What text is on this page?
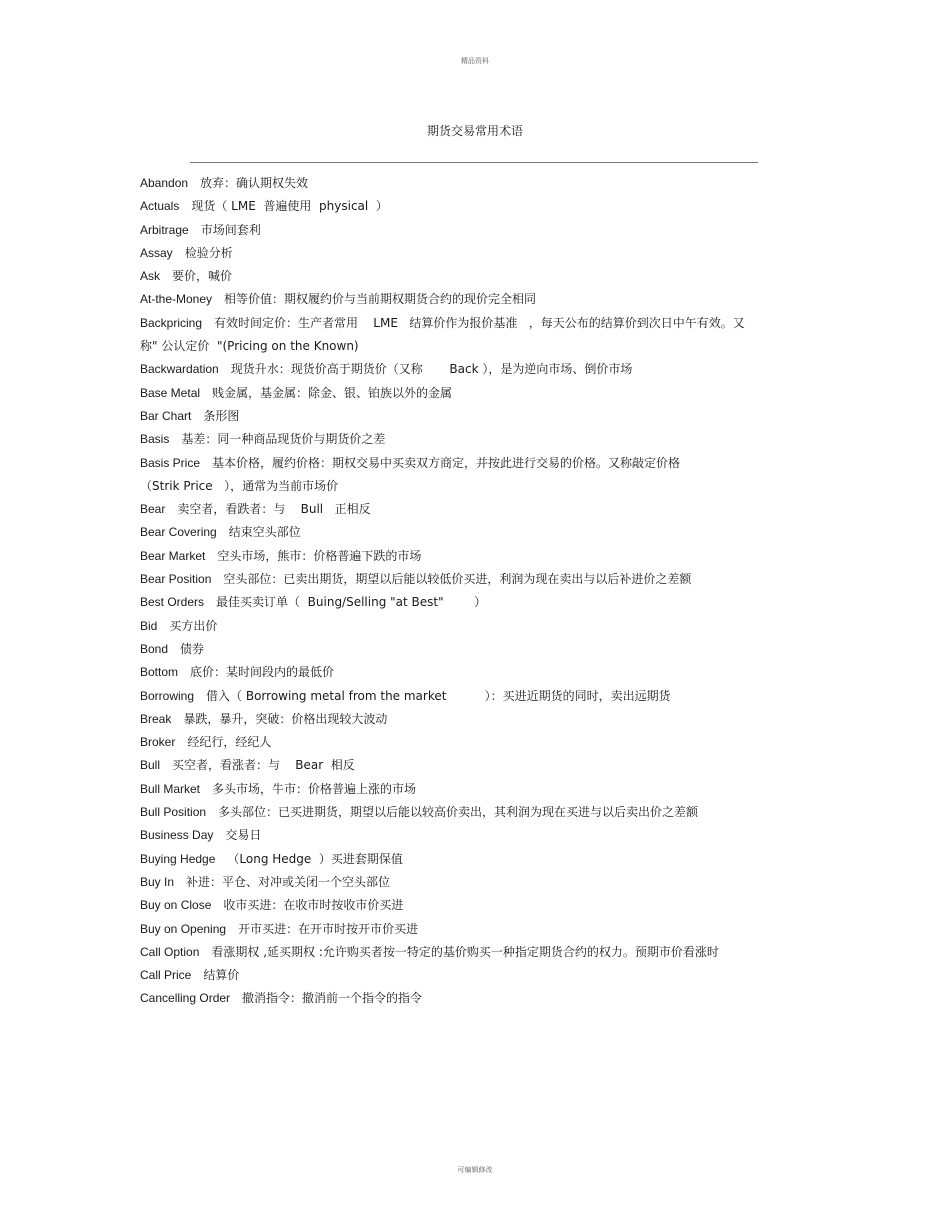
精品资料
期货交易常用术语
Abandon 放弃：确认期权失效
Actuals 现货（ LME  普遍使用  physical  ）
Arbitrage 市场间套利
Assay 检验分析
Ask 要价，喊价
At-the-Money 相等价值：期权履约价与当前期权期货合约的现价完全相同
Backpricing 有效时间定价：生产者常用    LME   结算价作为报价基准   ，每天公布的结算价到次日中午有效。又
称" 公认定价  "(Pricing on the Known)
Backwardation 现货升水：现货价高于期货价（又称       Back ），是为逆向市场、倒价市场
Base Metal 贱金属，基金属：除金、银、铂族以外的金属
Bar Chart 条形图
Basis 基差：同一种商品现货价与期货价之差
Basis Price 基本价格，履约价格：期权交易中买卖双方商定，并按此进行交易的价格。又称敲定价格
（Strik Price   ），通常为当前市场价
Bear 卖空者，看跌者：与    Bull   正相反
Bear Covering 结束空头部位
Bear Market 空头市场，熊市：价格普遍下跌的市场
Bear Position 空头部位：已卖出期货，期望以后能以较低价买进，利润为现在卖出与以后补进价之差额
Best Orders 最佳买卖订单（  Buing/Selling "at Best"        ）
Bid 买方出价
Bond 债券
Bottom 底价：某时间段内的最低价
Borrowing 借入（ Borrowing metal from the market          ）：买进近期货的同时，卖出远期货
Break 暴跌，暴升，突破：价格出现较大波动
Broker 经纪行，经纪人
Bull 买空者，看涨者：与    Bear  相反
Bull Market 多头市场，牛市：价格普遍上涨的市场
Bull Position 多头部位：已买进期货，期望以后能以较高价卖出，其利润为现在买进与以后卖出价之差额
Business Day 交易日
Buying Hedge （Long Hedge  ）买进套期保值
Buy In 补进：平仓、对冲或关闭一个空头部位
Buy on Close 收市买进：在收市时按收市价买进
Buy on Opening 开市买进：在开市时按开市价买进
Call Option 看涨期权 ,延买期权 :允许购买者按一特定的基价购买一种指定期货合约的权力。预期市价看涨时
Call Price 结算价
Cancelling Order 撤消指令：撤消前一个指令的指令
可编辑修改
